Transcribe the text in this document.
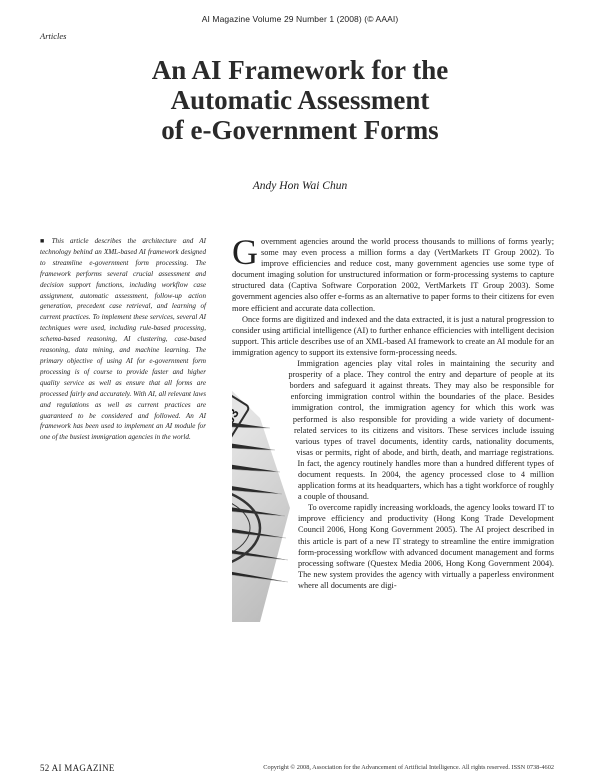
AI Magazine Volume 29 Number 1 (2008) (© AAAI)
Articles
An AI Framework for the
Automatic Assessment
of e-Government Forms
Andy Hon Wai Chun
■ This article describes the architecture and AI technology behind an XML-based AI framework designed to streamline e-government form processing. The framework performs several crucial assessment and decision support functions, including workflow case assignment, automatic assessment, follow-up action generation, precedent case retrieval, and learning of current practices. To implement these services, several AI techniques were used, including rule-based processing, schema-based reasoning, AI clustering, case-based reasoning, data mining, and machine learning. The primary objective of using AI for e-government form processing is of course to provide faster and higher quality service as well as ensure that all forms are processed fairly and accurately. With AI, all relevant laws and regulations as well as current practices are guaranteed to be considered and followed. An AI framework has been used to implement an AI module for one of the busiest immigration agencies in the world.

Government agencies around the world process thousands to millions of forms yearly; some may even process a million forms a day (VertMarkets IT Group 2002). To improve efficiencies and reduce cost, many government agencies use some type of document imaging solution for unstructured information or form-processing systems to capture structured data (Captiva Software Corporation 2002, VertMarkets IT Group 2003). Some government agencies also offer e-forms as an alternative to paper forms to their citizens for even more efficient and accurate data collection.

Once forms are digitized and indexed and the data extracted, it is just a natural progression to consider using artificial intelligence (AI) to further enhance efficiencies with intelligent decision support. This article describes use of an XML-based AI framework to create an AI module for an immigration agency to support its extensive form-processing needs.

Immigration agencies play vital roles in maintaining the security and prosperity of a place. They control the entry and departure of people at its borders and safeguard it against threats. They may also be responsible for enforcing immigration control within the boundaries of the place. Besides immigration control, the immigration agency for which this work was performed is also responsible for providing a wide variety of document-related services to its citizens and visitors. These services include issuing various types of travel documents, identity cards, nationality documents, visas or permits, right of abode, and birth, death, and marriage registrations. In fact, the agency routinely handles more than a hundred different types of document requests. In 2004, the agency processed close to 4 million application forms at its headquarters, which has a tight workforce of roughly a couple of thousand.

To overcome rapidly increasing workloads, the agency looks toward IT to improve efficiency and productivity (Hong Kong Trade Development Council 2006, Hong Kong Government 2005). The AI project described in this article is part of a new IT strategy to streamline the entire immigration form-processing workflow with advanced document management and forms processing software (Questex Media 2006, Hong Kong Government 2004). The new system provides the agency with virtually a paperless environment where all documents are digi-

52 AI MAGAZINE	Copyright © 2008, Association for the Advancement of Artificial Intelligence. All rights reserved. ISSN 0738-4602
